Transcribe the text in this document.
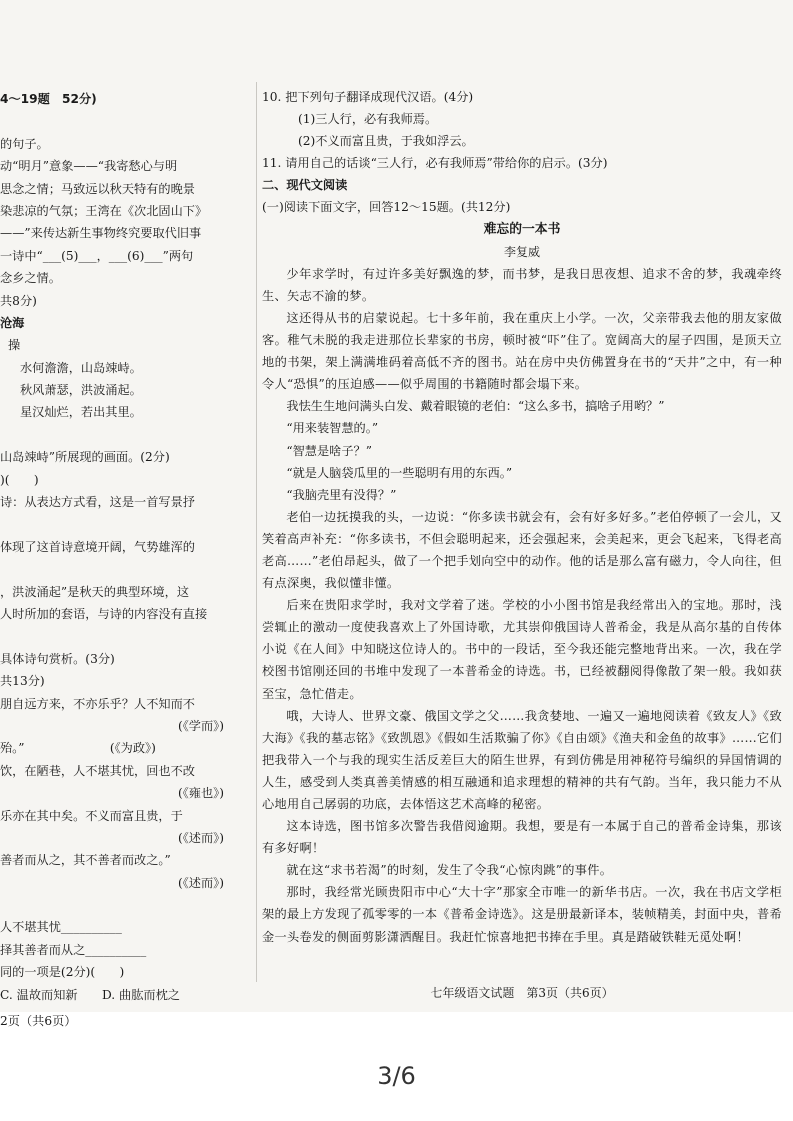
4～19题　52分)
的句子。
动“明月”意象——“我寄愁心与明
思念之情；马致远以秋天特有的晚景
染悲凉的气氛；王湾在《次北固山下》
——”来传达新生事物终究要取代旧事
一诗中“___(5)___，___(6)___”两句
念乡之情。
共8分)
沧海
操
水何澹澹，山岛竦峙。
秋风萧瑟，洪波涌起。
星汉灿烂，若出其里。
山岛竦峙”所展现的画面。(2分)
)(　　)
诗：从表达方式看，这是一首写景抒
体现了这首诗意境开阔，气势雄浑的
，洪波涌起”是秋天的典型环境，这
人时所加的套语，与诗的内容没有直接
具体诗句赏析。(3分)
共13分)
朋自远方来，不亦乐乎？人不知而不
(《学而》)
殆。”　　　　　　　(《为政》)
饮，在陋巷，人不堪其忧，回也不改
(《雍也》)
乐亦在其中矣。不义而富且贵，于
(《述而》)
善者而从之，其不善者而改之。”
(《述而》)
人不堪其忧__________
择其善者而从之__________
同的一项是(2分)(　　)
C. 温故而知新　　D. 曲肱而枕之
2页（共6页）
10. 把下列句子翻译成现代汉语。(4分)
(1)三人行，必有我师焉。
(2)不义而富且贵，于我如浮云。
11. 请用自己的话谈“三人行，必有我师焉”带给你的启示。(3分)
二、现代文阅读
(一)阅读下面文字，回答12～15题。(共12分)
难忘的一本书
李复威

少年求学时，有过许多美好飘逸的梦，而书梦，是我日思夜想、追求不舍的梦，我魂牵终生、矢志不渝的梦。

这还得从书的启蒙说起。七十多年前，我在重庆上小学。一次，父亲带我去他的朋友家做客。稚气未脱的我走进那位长辈家的书房，顿时被“吓”住了。宽阔高大的屋子四围，是顶天立地的书架，架上满满堆码着高低不齐的图书。站在房中央仿佛置身在书的“天井”之中，有一种令人“恐惧”的压迫感——似乎周围的书籍随时都会塌下来。

我怯生生地问满头白发、戴着眼镜的老伯：“这么多书，搞啥子用哟？”

“用来装智慧的。”

“智慧是啥子？”

“就是人脑袋瓜里的一些聪明有用的东西。”

“我脑壳里有没得？”

老伯一边抚摸我的头，一边说：“你多读书就会有，会有好多好多。”老伯停顿了一会儿，又笑着高声补充：“你多读书，不但会聪明起来，还会强起来，会美起来，更会飞起来，飞得老高老高……”老伯昂起头，做了一个把手划向空中的动作。他的话是那么富有磁力，令人向往，但有点深奥，我似懂非懂。

后来在贵阳求学时，我对文学着了迷。学校的小小图书馆是我经常出入的宝地。那时，浅尝辄止的激动一度使我喜欢上了外国诗歌，尤其崇仰俄国诗人普希金，我是从高尔基的自传体小说《在人间》中知晓这位诗人的。书中的一段话，至今我还能完整地背出来。一次，我在学校图书馆刚还回的书堆中发现了一本普希金的诗选。书，已经被翻阅得像散了架一般。我如获至宝，急忙借走。

哦，大诗人、世界文豪、俄国文学之父……我贪婪地、一遍又一遍地阅读着《致友人》《致大海》《我的墓志铭》《致凯恩》《假如生活欺骗了你》《自由颂》《渔夫和金鱼的故事》……它们把我带入一个与我的现实生活反差巨大的陌生世界，有到仿佛是用神秘符号编织的异国情调的人生，感受到人类真善美情感的相互融通和追求理想的精神的共有气韵。当年，我只能力不从心地用自己孱弱的功底，去体悟这艺术高峰的秘密。

这本诗选，图书馆多次警告我借阅逾期。我想，要是有一本属于自己的普希金诗集，那该有多好啊！

就在这“求书若渴”的时刻，发生了令我“心惊肉跳”的事件。

那时，我经常光顾贵阳市中心“大十字”那家全市唯一的新华书店。一次，我在书店文学柜架的最上方发现了孤零零的一本《普希金诗选》。这是册最新译本，装帧精美，封面中央，普希金一头卷发的侧面剪影潇洒醒目。我赶忙惊喜地把书捧在手里。真是踏破铁鞋无觅处啊！

七年级语文试题　第3页（共6页）
3/6
